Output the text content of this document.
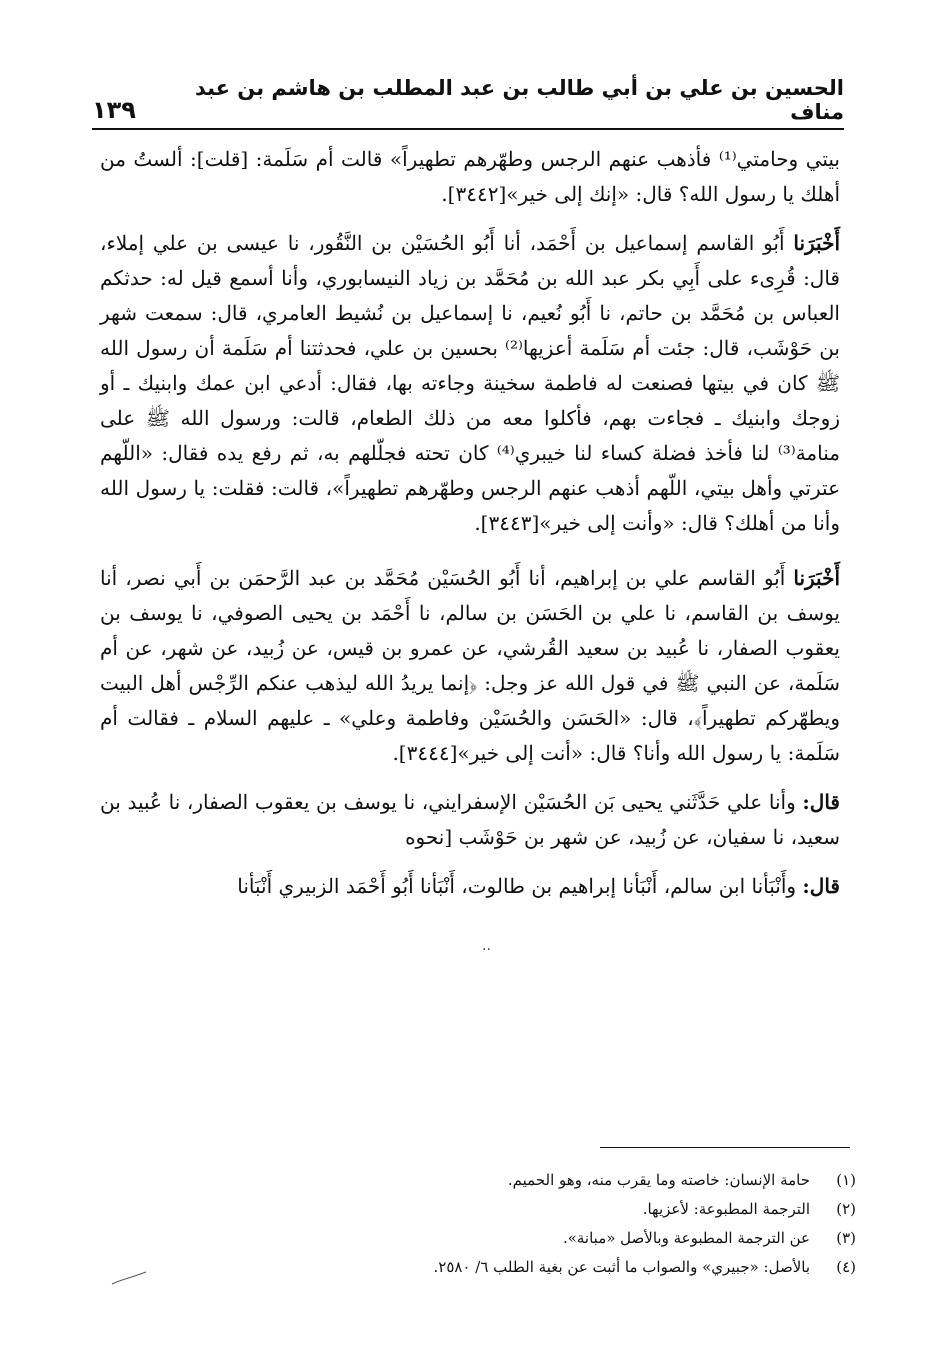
١٣٩
الحسين بن علي بن أبي طالب بن عبد المطلب بن هاشم بن عبد مناف

بيتي وحامتي⁽¹⁾ فأذهب عنهم الرجس وطهّرهم تطهيراً» قالت أم سَلَمة: [قلت]: ألستُ من أهلك يا رسول الله؟ قال: «إنك إلى خير»[٣٤٤٢].

أَخْبَرَنا أَبُو القاسم إسماعيل بن أَحْمَد، أنا أَبُو الحُسَيْن بن النَّقُور، نا عيسى بن علي إملاء، قال: قُرِىء على أَبِي بكر عبد الله بن مُحَمَّد بن زياد النيسابوري، وأنا أسمع قيل له: حدثكم العباس بن مُحَمَّد بن حاتم، نا أَبُو نُعيم، نا إسماعيل بن نُشيط العامري، قال: سمعت شهر بن حَوْشَب، قال: جئت أم سَلَمة أعزيها⁽²⁾ بحسين بن علي، فحدثتنا أم سَلَمة أن رسول الله ﷺ كان في بيتها فصنعت له فاطمة سخينة وجاءته بها، فقال: أدعي ابن عمك وابنيك ـ أو زوجك وابنيك ـ فجاءت بهم، فأكلوا معه من ذلك الطعام، قالت: ورسول الله ﷺ على منامة⁽³⁾ لنا فأخذ فضلة كساء لنا خيبري⁽⁴⁾ كان تحته فجلّلهم به، ثم رفع يده فقال: «اللّهم عترتي وأهل بيتي، اللّهم أذهب عنهم الرجس وطهّرهم تطهيراً»، قالت: فقلت: يا رسول الله وأنا من أهلك؟ قال: «وأنت إلى خير»[٣٤٤٣].

أَخْبَرَنا أَبُو القاسم علي بن إبراهيم، أنا أَبُو الحُسَيْن مُحَمَّد بن عبد الرَّحمَن بن أَبي نصر، أنا يوسف بن القاسم، نا علي بن الحَسَن بن سالم، نا أَحْمَد بن يحيى الصوفي، نا يوسف بن يعقوب الصفار، نا عُبيد بن سعيد القُرشي، عن عمرو بن قيس، عن زُبيد، عن شهر، عن أم سَلَمة، عن النبي ﷺ في قول الله عز وجل: ﴿إنما يريدُ الله ليذهب عنكم الرِّجْس أهل البيت ويطهّركم تطهيراً﴾، قال: «الحَسَن والحُسَيْن وفاطمة وعلي» ـ عليهم السلام ـ فقالت أم سَلَمة: يا رسول الله وأنا؟ قال: «أنت إلى خير»[٣٤٤٤].

قال: وأنا علي حَدَّثَني يحيى بَن الحُسَيْن الإسفرايني، نا يوسف بن يعقوب الصفار، نا عُبيد بن سعيد، نا سفيان، عن زُبيد، عن شهر بن حَوْشَب [نحوه

قال: وأَنْبَأنا ابن سالم، أَنْبَأنا إبراهيم بن طالوت، أَنْبَأنا أَبُو أَحْمَد الزبيري أَنْبَأنا

(١)
حامة الإنسان: خاصته وما يقرب منه، وهو الحميم.
(٢)
الترجمة المطبوعة: لأعزيها.
(٣)
عن الترجمة المطبوعة وبالأصل «مبانة».
(٤)
بالأصل: «جبيري» والصواب ما أثبت عن بغية الطلب ٦/ ٢٥٨٠.
··
